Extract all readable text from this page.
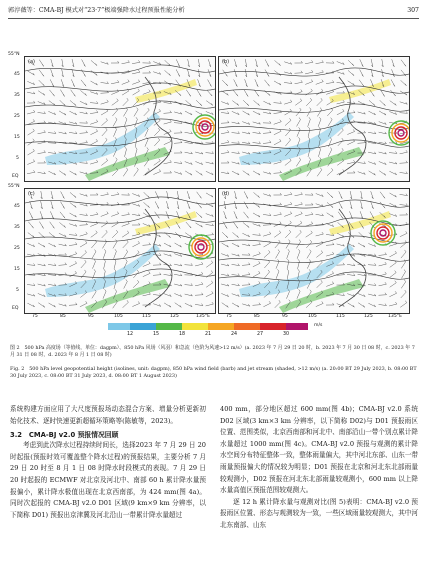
郭淳薇等：CMA-BJ 模式对“23·7”极端强降水过程预报性能分析	307
55°N
45
35
25
15
5
EQ
55°N
45
35
25
15
5
EQ
(a)	(b)
(c)	(d)
75	85	95	105	115	125	135°E	75	85	95	105	115	125	135°E
12	15	18	21	24	27	30
m/s
图 2　500 hPa 高度场（等值线，单位：dagpm）、850 hPa 风场（风羽）和急流（色阶为风速>12 m/s）(a. 2023 年 7 月 29 日 20 时，b. 2023 年 7 月 30 日 08 时，c. 2023 年 7 月 31 日 08 时，d. 2023 年 8 月 1 日 08 时)
Fig. 2　500 hPa level geopotential height (isolines, unit: dagpm), 850 hPa wind field (barb) and jet stream (shaded, >12 m/s) (a. 20:00 BT 29 July 2023, b. 08:00 BT 30 July 2023, c. 08:00 BT 31 July 2023, d. 08:00 BT 1 August 2023)
系统构建方面应用了大尺度预报场动态混合方案、增量分析更新初始化技术、逐时快速更新超循环策略等(陈敏等，2023)。
3.2　CMA-BJ v2.0 预报情况回顾
考虑到此次降水过程持续时间长，选择2023 年 7 月 29 日 20 时起报(预报时效可覆盖整个降水过程)的预报结果，主要分析 7 月 29 日 20 时至 8 月 1 日 08 时降水时段模式的表现。7 月 29 日20 时起报的 ECMWF 对北京及河北中、南部 60 h 累计降水量预报偏小，累计降水极值出现在北京西南部，为 424 mm(图 4a)。同时次起报的 CMA-BJ v2.0 D01 区域(9 km×9 km 分辨率，以下简称 D01) 预报出京津冀及河北沿山一带累计降水量超过
400 mm，部分地区超过 600 mm(图 4b)；CMA-BJ v2.0 系统 D02 区域(3 km×3 km 分辨率，以下简称 D02)与 D01 预报雨区位置、范围类似，北京西南部和河北中、南部沿山一带个别点累计降水量超过 1000 mm(图 4c)。CMA-BJ v2.0 预报与观测的累计降水空间分布特征整体一致，整体雨量偏大，其中河北东部、山东一带雨量预报偏大的情况较为明显；D01 预报在北京和河北东北部雨量较观测小，D02 预报在河北东北部雨量较观测小，600 mm 以上降水量高值区预报范围较观测大。
逐 12 h 累计降水量与观测对比(图 5)表明：CMA-BJ v2.0 预报雨区位置、形态与观测较为一致，一些区域雨量较观测大，其中河北东南部、山东
